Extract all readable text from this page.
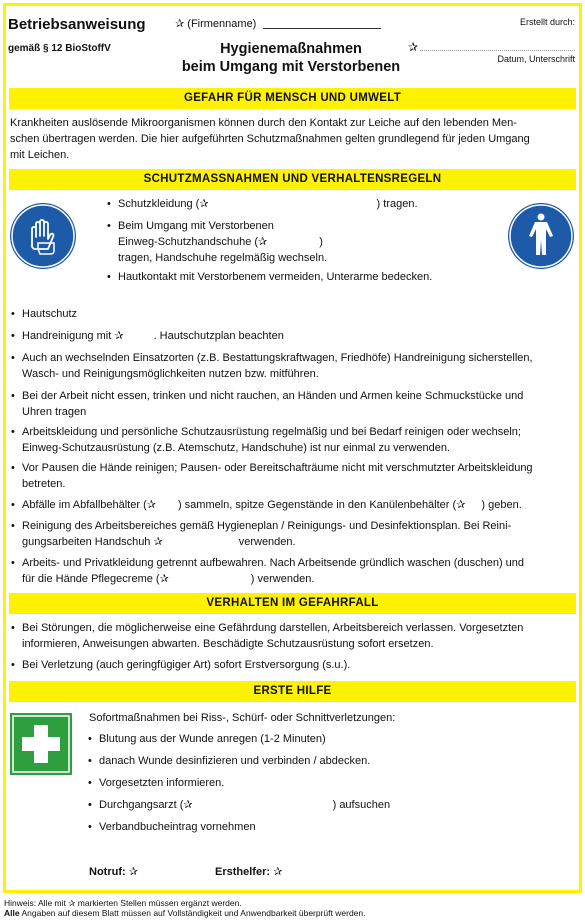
Betriebsanweisung
gemäß § 12 BioStoffV
✰ (Firmenname)
Hygienemaßnahmen
beim Umgang mit Verstorbenen
Erstellt durch:
✰
Datum, Unterschrift
GEFAHR FÜR MENSCH UND UMWELT
Krankheiten auslösende Mikroorganismen können durch den Kontakt zur Leiche auf den lebenden Men-
schen übertragen werden. Die hier aufgeführten Schutzmaßnahmen gelten grundlegend für jeden Umgang
mit Leichen.
SCHUTZMASSNAHMEN UND VERHALTENSREGELN
• Schutzkleidung (✰	) tragen.
• Beim Umgang mit Verstorbenen
Einweg-Schutzhandschuhe (✰	)
tragen, Handschuhe regelmäßig wechseln.
• Hautkontakt mit Verstorbenem vermeiden, Unterarme bedecken.
• Hautschutz
• Handreinigung mit ✰	. Hautschutzplan beachten
• Auch an wechselnden Einsatzorten (z.B. Bestattungskraftwagen, Friedhöfe) Handreinigung sicherstellen,
Wasch- und Reinigungsmöglichkeiten nutzen bzw. mitführen.
• Bei der Arbeit nicht essen, trinken und nicht rauchen, an Händen und Armen keine Schmuckstücke und
Uhren tragen
• Arbeitskleidung und persönliche Schutzausrüstung regelmäßig und bei Bedarf reinigen oder wechseln;
Einweg-Schutzausrüstung (z.B. Atemschutz, Handschuhe) ist nur einmal zu verwenden.
• Vor Pausen die Hände reinigen; Pausen- oder Bereitschafträume nicht mit verschmutzter Arbeitskleidung
betreten.
• Abfälle im Abfallbehälter (✰ ) sammeln, spitze Gegenstände in den Kanülenbehälter (✰ ) geben.
• Reinigung des Arbeitsbereiches gemäß Hygieneplan / Reinigungs- und Desinfektionsplan. Bei Reini-
gungsarbeiten Handschuh ✰	verwenden.
• Arbeits- und Privatkleidung getrennt aufbewahren. Nach Arbeitsende gründlich waschen (duschen) und
für die Hände Pflegecreme (✰	) verwenden.
VERHALTEN IM GEFAHRFALL
• Bei Störungen, die möglicherweise eine Gefährdung darstellen, Arbeitsbereich verlassen. Vorgesetzten
informieren, Anweisungen abwarten. Beschädigte Schutzausrüstung sofort ersetzen.
• Bei Verletzung (auch geringfügiger Art) sofort Erstversorgung (s.u.).
ERSTE HILFE
Sofortmaßnahmen bei Riss-, Schürf- oder Schnittverletzungen:
• Blutung aus der Wunde anregen (1-2 Minuten)
• danach Wunde desinfizieren und verbinden / abdecken.
• Vorgesetzten informieren.
• Durchgangsarzt (✰	) aufsuchen
• Verbandbucheintrag vornehmen
Notruf: ✰	Ersthelfer: ✰
Hinweis: Alle mit ✰ markierten Stellen müssen ergänzt werden.
Alle Angaben auf diesem Blatt müssen auf Vollständigkeit und Anwendbarkeit überprüft werden.
